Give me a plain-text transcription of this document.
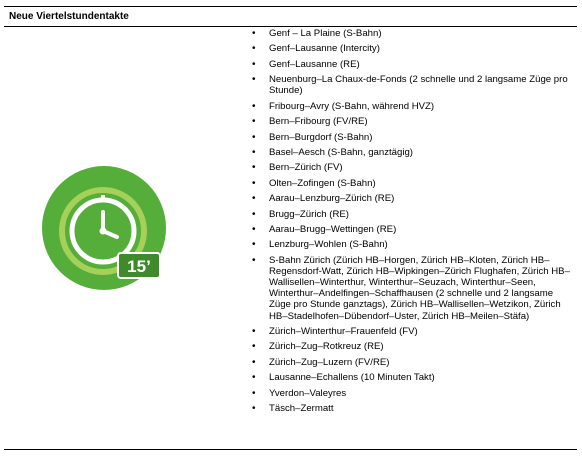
Neue Viertelstundentakte
15’
• Genf – La Plaine (S-Bahn)
• Genf–Lausanne (Intercity)
• Genf–Lausanne (RE)
• Neuenburg–La Chaux-de-Fonds (2 schnelle und 2 langsame Züge pro Stunde)
• Fribourg–Avry (S-Bahn, während HVZ)
• Bern–Fribourg (FV/RE)
• Bern–Burgdorf (S-Bahn)
• Basel–Aesch (S-Bahn, ganztägig)
• Bern–Zürich (FV)
• Olten–Zofingen (S-Bahn)
• Aarau–Lenzburg–Zürich (RE)
• Brugg–Zürich (RE)
• Aarau–Brugg–Wettingen (RE)
• Lenzburg–Wohlen (S-Bahn)
• S-Bahn Zürich (Zürich HB–Horgen, Zürich HB–Kloten, Zürich HB–Regensdorf-Watt, Zürich HB–Wipkingen–Zürich Flughafen, Zürich HB–Wallisellen–Winterthur, Winterthur–Seuzach, Winterthur–Seen, Winterthur–Andelfingen–Schaffhausen (2 schnelle und 2 langsame Züge pro Stunde ganztags), Zürich HB–Wallisellen–Wetzikon, Zürich HB–Stadelhofen–Dübendorf–Uster, Zürich HB–Meilen–Stäfa)
• Zürich–Winterthur–Frauenfeld (FV)
• Zürich–Zug–Rotkreuz (RE)
• Zürich–Zug–Luzern (FV/RE)
• Lausanne–Echallens (10 Minuten Takt)
• Yverdon–Valeyres
• Täsch–Zermatt
